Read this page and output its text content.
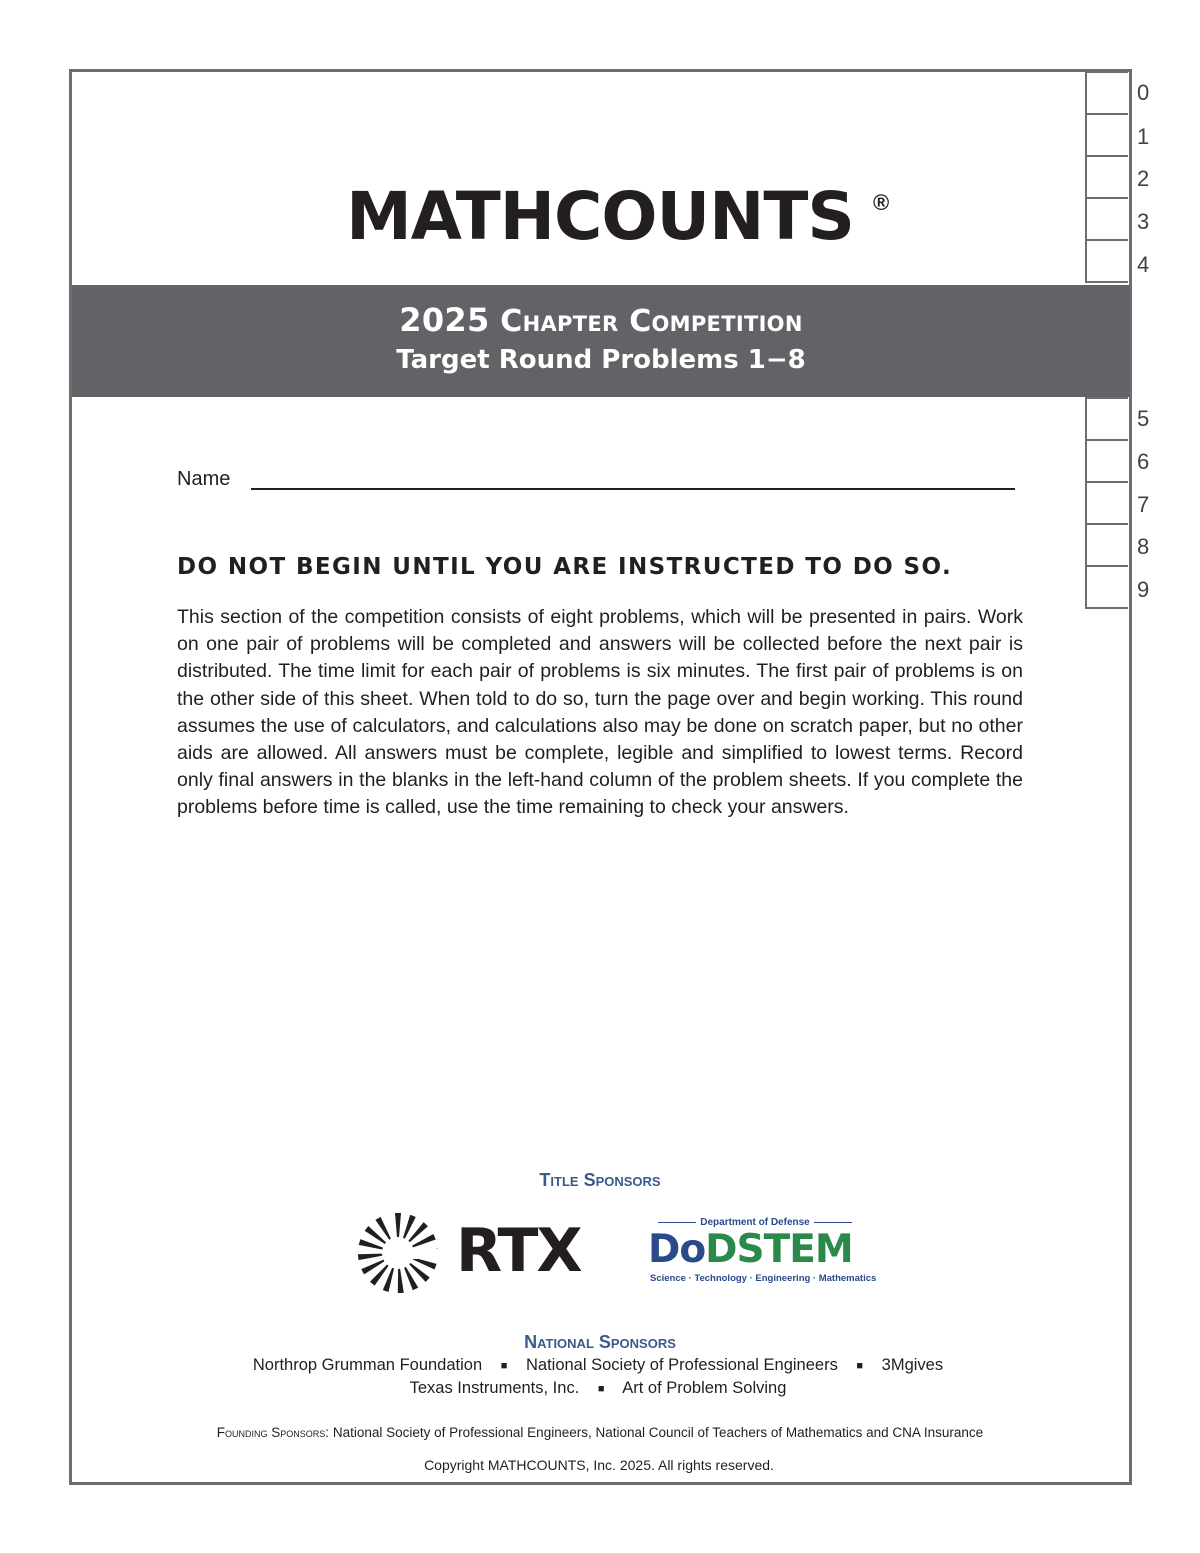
MATHCOUNTS ®
2025 Chapter Competition
Target Round Problems 1−8
0
1
2
3
4
5
6
7
8
9
Name
DO NOT BEGIN UNTIL YOU ARE INSTRUCTED TO DO SO.
This section of the competition consists of eight problems, which will be presented in pairs. Work on one pair of problems will be completed and answers will be collected before the next pair is distributed. The time limit for each pair of problems is six minutes. The first pair of problems is on the other side of this sheet. When told to do so, turn the page over and begin working. This round assumes the use of calculators, and calculations also may be done on scratch paper, but no other aids are allowed. All answers must be complete, legible and simplified to lowest terms. Record only final answers in the blanks in the left-hand column of the problem sheets. If you complete the problems before time is called, use the time remaining to check your answers.
Title Sponsors
RTX	Department of Defense
DoDSTEM
Science · Technology · Engineering · Mathematics
National Sponsors
Northrop Grumman Foundation ■ National Society of Professional Engineers ■ 3Mgives
Texas Instruments, Inc. ■ Art of Problem Solving
Founding Sponsors: National Society of Professional Engineers, National Council of Teachers of Mathematics and CNA Insurance
Copyright MATHCOUNTS, Inc. 2025. All rights reserved.
